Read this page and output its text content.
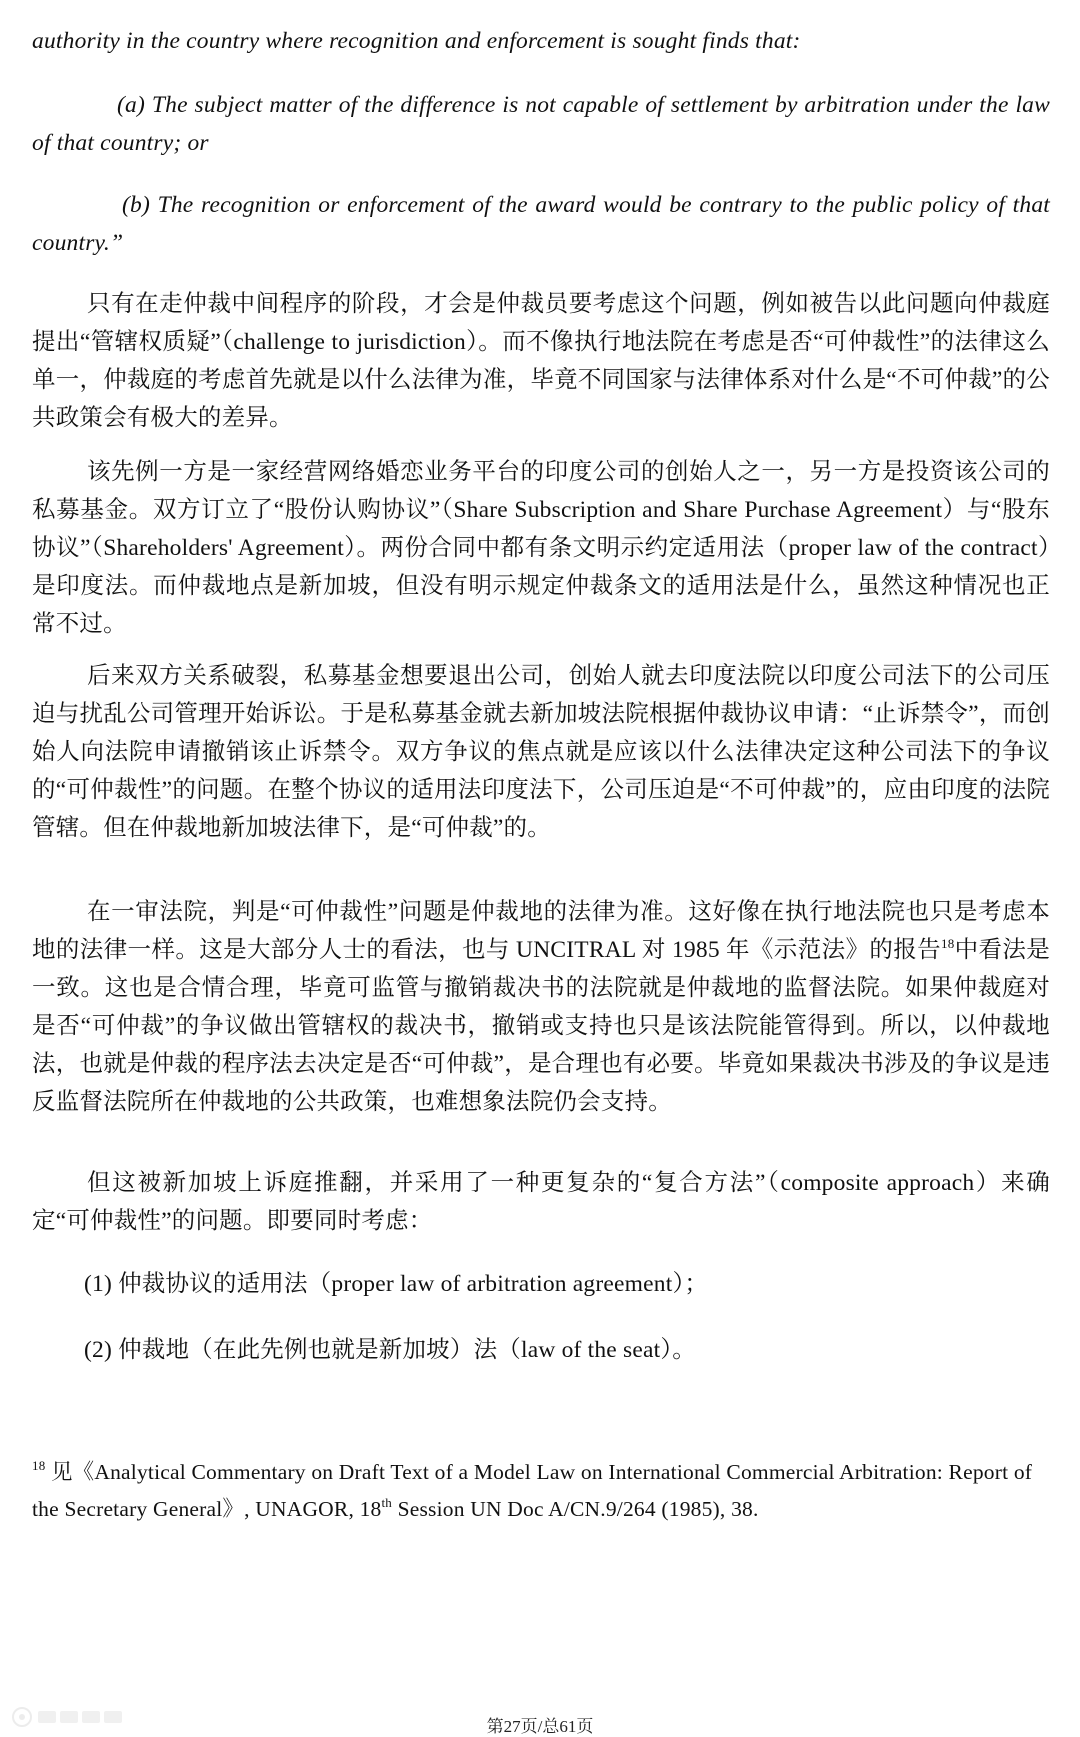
authority in the country where recognition and enforcement is sought finds that:

(a) The subject matter of the difference is not capable of settlement by arbitration under the law of that country; or

(b) The recognition or enforcement of the award would be contrary to the public policy of that country.”

只有在走仲裁中间程序的阶段，才会是仲裁员要考虑这个问题，例如被告以此问题向仲裁庭提出“管辖权质疑”（challenge to jurisdiction）。而不像执行地法院在考虑是否“可仲裁性”的法律这么单一，仲裁庭的考虑首先就是以什么法律为准，毕竟不同国家与法律体系对什么是“不可仲裁”的公共政策会有极大的差异。

该先例一方是一家经营网络婚恋业务平台的印度公司的创始人之一，另一方是投资该公司的私募基金。双方订立了“股份认购协议”（Share Subscription and Share Purchase Agreement）与“股东协议”（Shareholders' Agreement）。两份合同中都有条文明示约定适用法（proper law of the contract）是印度法。而仲裁地点是新加坡，但没有明示规定仲裁条文的适用法是什么，虽然这种情况也正常不过。

后来双方关系破裂，私募基金想要退出公司，创始人就去印度法院以印度公司法下的公司压迫与扰乱公司管理开始诉讼。于是私募基金就去新加坡法院根据仲裁协议申请：“止诉禁令”，而创始人向法院申请撤销该止诉禁令。双方争议的焦点就是应该以什么法律决定这种公司法下的争议的“可仲裁性”的问题。在整个协议的适用法印度法下，公司压迫是“不可仲裁”的，应由印度的法院管辖。但在仲裁地新加坡法律下，是“可仲裁”的。

在一审法院，判是“可仲裁性”问题是仲裁地的法律为准。这好像在执行地法院也只是考虑本地的法律一样。这是大部分人士的看法，也与 UNCITRAL 对 1985 年《示范法》的报告$^{18}$中看法是一致。这也是合情合理，毕竟可监管与撤销裁决书的法院就是仲裁地的监督法院。如果仲裁庭对是否“可仲裁”的争议做出管辖权的裁决书，撤销或支持也只是该法院能管得到。所以，以仲裁地法，也就是仲裁的程序法去决定是否“可仲裁”，是合理也有必要。毕竟如果裁决书涉及的争议是违反监督法院所在仲裁地的公共政策，也难想象法院仍会支持。

但这被新加坡上诉庭推翻，并采用了一种更复杂的“复合方法”（composite approach）来确定“可仲裁性”的问题。即要同时考虑：

(1) 仲裁协议的适用法（proper law of arbitration agreement）；

(2) 仲裁地（在此先例也就是新加坡）法（law of the seat）。

$^{18}$ 见《Analytical Commentary on Draft Text of a Model Law on International Commercial Arbitration: Report of the Secretary General》, UNAGOR, 18th Session UN Doc A/CN.9/264 (1985), 38.

第27页/总61页
